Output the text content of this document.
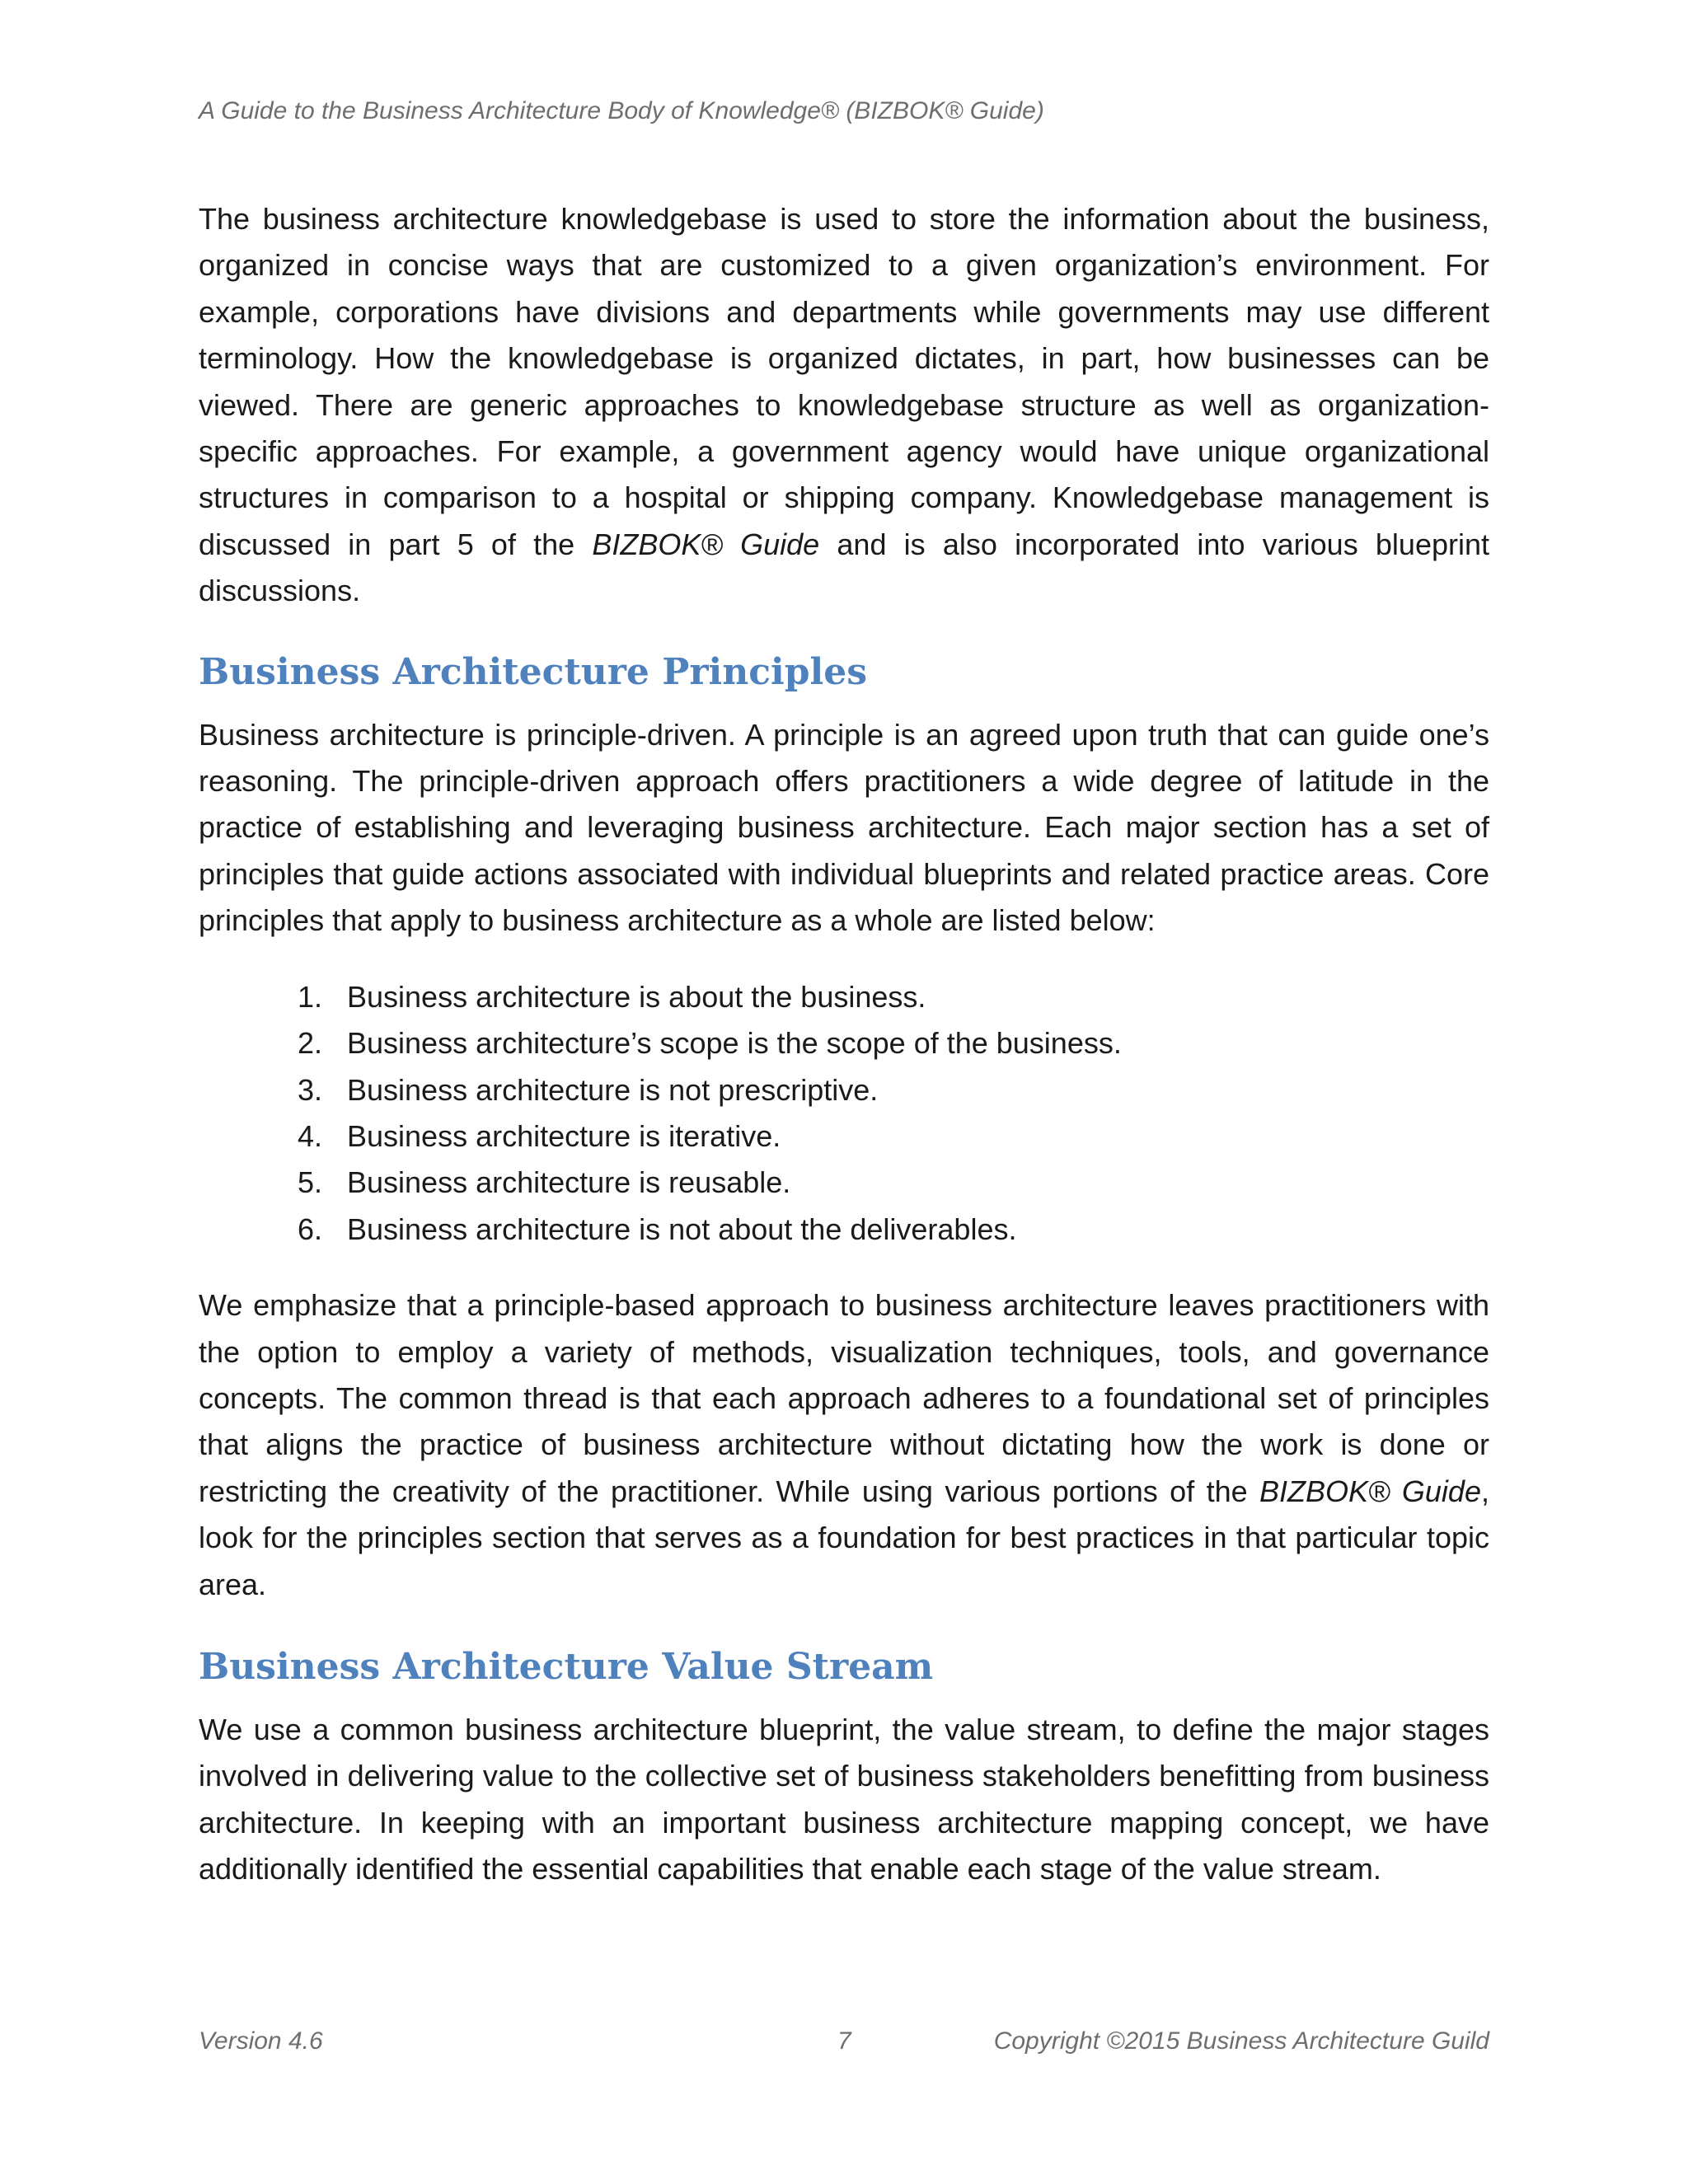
A Guide to the Business Architecture Body of Knowledge® (BIZBOK® Guide)

The business architecture knowledgebase is used to store the information about the business, organized in concise ways that are customized to a given organization’s environment. For example, corporations have divisions and departments while governments may use different terminology. How the knowledgebase is organized dictates, in part, how businesses can be viewed. There are generic approaches to knowledgebase structure as well as organization-specific approaches. For example, a government agency would have unique organizational structures in comparison to a hospital or shipping company. Knowledgebase management is discussed in part 5 of the BIZBOK® Guide and is also incorporated into various blueprint discussions.

Business Architecture Principles

Business architecture is principle-driven. A principle is an agreed upon truth that can guide one’s reasoning. The principle-driven approach offers practitioners a wide degree of latitude in the practice of establishing and leveraging business architecture. Each major section has a set of principles that guide actions associated with individual blueprints and related practice areas. Core principles that apply to business architecture as a whole are listed below:

1. Business architecture is about the business.
2. Business architecture’s scope is the scope of the business.
3. Business architecture is not prescriptive.
4. Business architecture is iterative.
5. Business architecture is reusable.
6. Business architecture is not about the deliverables.

We emphasize that a principle-based approach to business architecture leaves practitioners with the option to employ a variety of methods, visualization techniques, tools, and governance concepts. The common thread is that each approach adheres to a foundational set of principles that aligns the practice of business architecture without dictating how the work is done or restricting the creativity of the practitioner. While using various portions of the BIZBOK® Guide, look for the principles section that serves as a foundation for best practices in that particular topic area.

Business Architecture Value Stream

We use a common business architecture blueprint, the value stream, to define the major stages involved in delivering value to the collective set of business stakeholders benefitting from business architecture. In keeping with an important business architecture mapping concept, we have additionally identified the essential capabilities that enable each stage of the value stream.

Version 4.6	7	Copyright ©2015 Business Architecture Guild
